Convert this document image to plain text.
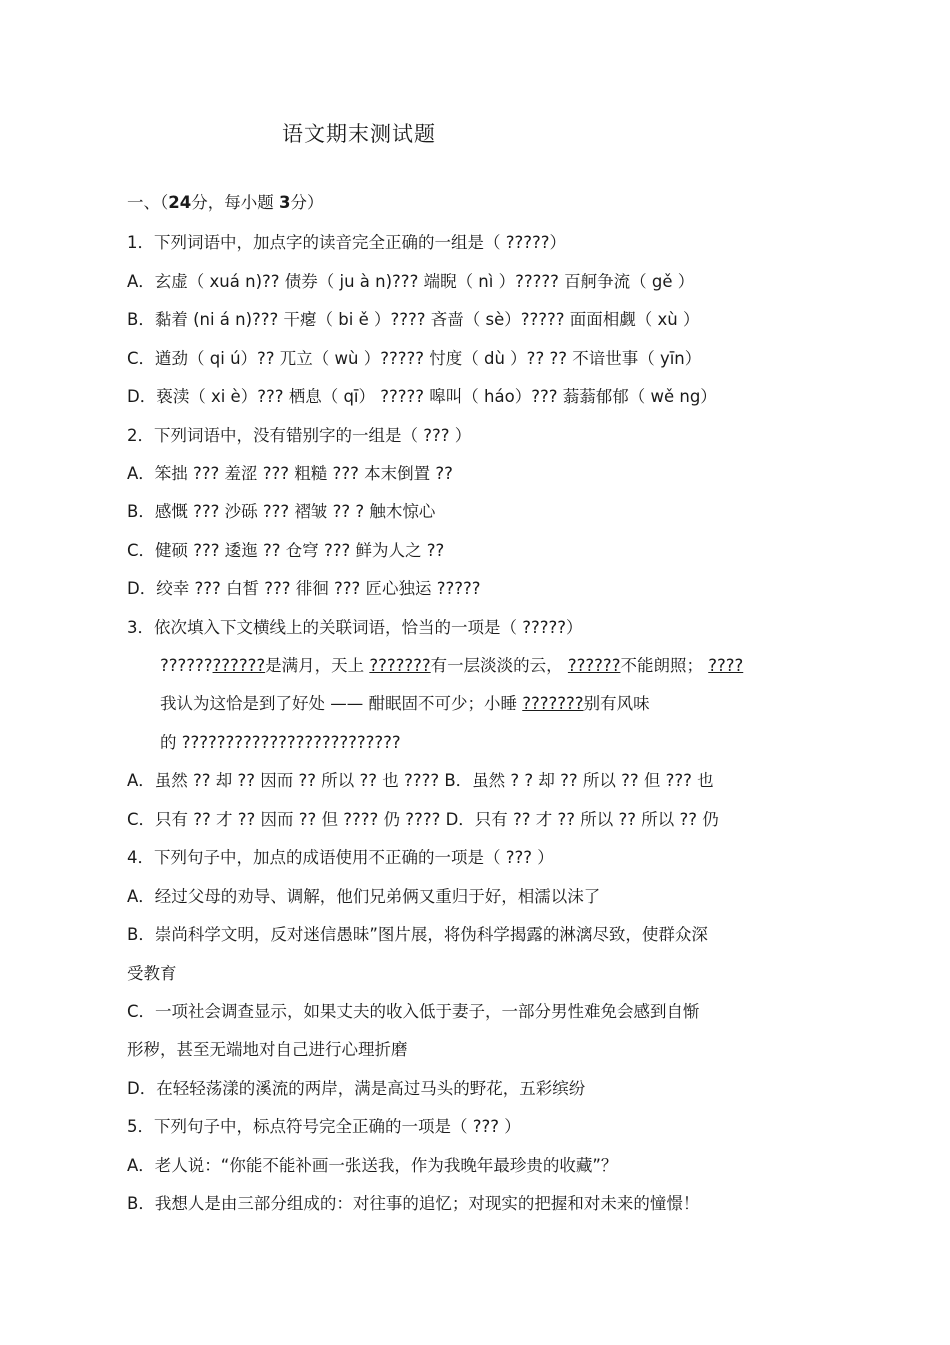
语文期末测试题
一、（24分，每小题 3分）
1．下列词语中，加点字的读音完全正确的一组是（ ?????）
A．玄虚（ xuá n)?? 债券（ ju à n)??? 端睨（ nì ）????? 百舸争流（ gě ）
B．黏着 (ni á n)??? 干瘪（ bi ě ）???? 吝啬（ sè）????? 面面相觑（ xù ）
C．遒劲（ qi ú）?? 兀立（ wù ）????? 忖度（ dù ）?? ?? 不谙世事（ yīn）
D．亵渎（ xi è）??? 栖息（ qī） ????? 嗥叫（ háo）??? 蓊蓊郁郁（ wě ng）
2．下列词语中，没有错别字的一组是（ ??? ）
A．笨拙 ??? 羞涩 ??? 粗糙 ??? 本末倒置 ??
B．感慨 ??? 沙砾 ??? 褶皱 ?? ? 触木惊心
C．健硕 ??? 逶迤 ?? 仓穹 ??? 鲜为人之 ??
D．绞幸 ??? 白皙 ??? 徘徊 ??? 匠心独运 ?????
3．依次填入下文横线上的关联词语，恰当的一项是（ ?????）
????????????是满月，天上 ???????有一层淡淡的云， ??????不能朗照； ????
我认为这恰是到了好处 —— 酣眠固不可少；小睡 ???????别有风味
的 ?????????????????????????
A．虽然 ?? 却 ?? 因而 ?? 所以 ?? 也 ???? B．虽然 ? ? 却 ?? 所以 ?? 但 ??? 也
C．只有 ?? 才 ?? 因而 ?? 但 ???? 仍 ???? D．只有 ?? 才 ?? 所以 ?? 所以 ?? 仍
4．下列句子中，加点的成语使用不正确的一项是（ ??? ）
A．经过父母的劝导、调解，他们兄弟俩又重归于好，相濡以沫了
B．崇尚科学文明，反对迷信愚昧”图片展，将伪科学揭露的淋漓尽致，使群众深
受教育
C．一项社会调查显示，如果丈夫的收入低于妻子，一部分男性难免会感到自惭
形秽，甚至无端地对自己进行心理折磨
D．在轻轻荡漾的溪流的两岸，满是高过马头的野花，五彩缤纷
5．下列句子中，标点符号完全正确的一项是（ ??? ）
A．老人说：“你能不能补画一张送我，作为我晚年最珍贵的收藏”？
B．我想人是由三部分组成的：对往事的追忆；对现实的把握和对未来的憧憬！
